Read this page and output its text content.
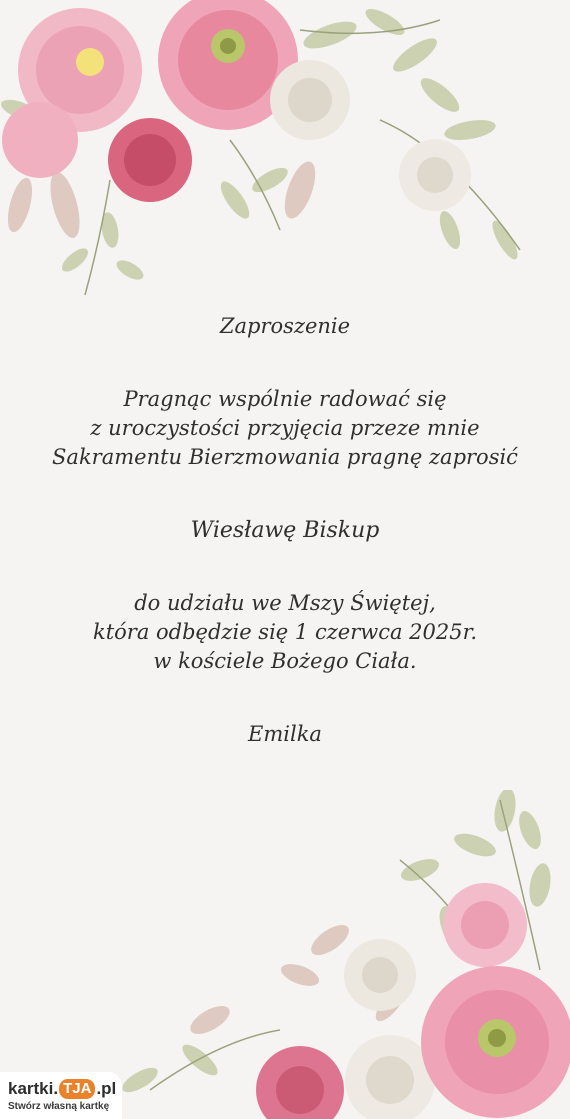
Zaproszenie
Pragnąc wspólnie radować się
z uroczystości przyjęcia przeze mnie
Sakramentu Bierzmowania pragnę zaprosić
Wiesławę Biskup
do udziału we Mszy Świętej,
która odbędzie się 1 czerwca 2025r.
w kościele Bożego Ciała.
Emilka
kartki. TJA .pl
Stwórz własną kartkę
